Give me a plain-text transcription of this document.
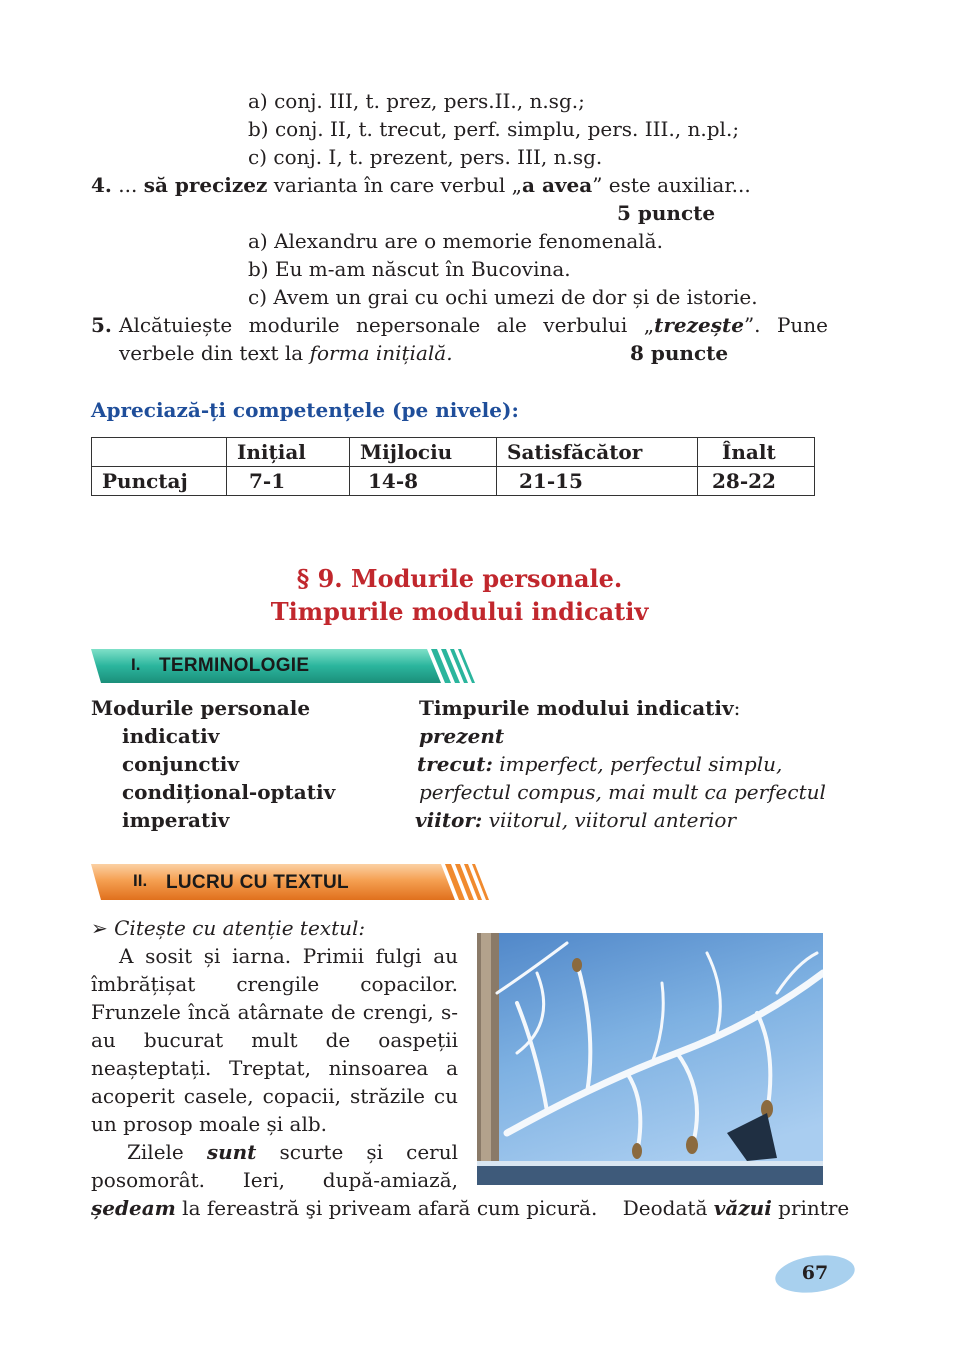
a) conj. III, t. prez, pers.II., n.sg.;
b) conj. II, t. trecut, perf. simplu, pers. III., n.pl.;
c) conj. I, t. prezent, pers. III, n.sg.
4. ... să precizez varianta în care verbul „a avea” este auxiliar...
5 puncte
a) Alexandru are o memorie fenomenală.
b) Eu m-am născut în Bucovina.
c) Avem un grai cu ochi umezi de dor și de istorie.
5. Alcătuiește modurile nepersonale ale verbului „trezește”. Pune
verbele din text la forma inițială.	8 puncte
Apreciază-ți competențele (pe nivele):
	Inițial	Mijlociu	Satisfăcător	Înalt
Punctaj	7-1	14-8	21-15	28-22
§ 9. Modurile personale.
Timpurile modului indicativ
I. TERMINOLOGIE
Modurile personale
indicativ
conjunctiv
condițional-optativ
imperativ
Timpurile modului indicativ:
prezent
trecut: imperfect, perfectul simplu,
perfectul compus, mai mult ca perfectul
viitor: viitorul, viitorul anterior
II. LUCRU CU TEXTUL
➢ Citește cu atenție textul:
A sosit și iarna. Primii fulgi au
îmbrățișat crengile copacilor.
Frunzele încă atârnate de crengi, s-
au bucurat mult de oaspeții
neașteptați. Treptat, ninsoarea a
acoperit casele, copacii, străzile cu
un prosop moale și alb.
Zilele sunt scurte și cerul
posomorât. Ieri, după-amiază,
ședeam la fereastră şi priveam afară cum picură.    Deodată văzui printre
67
